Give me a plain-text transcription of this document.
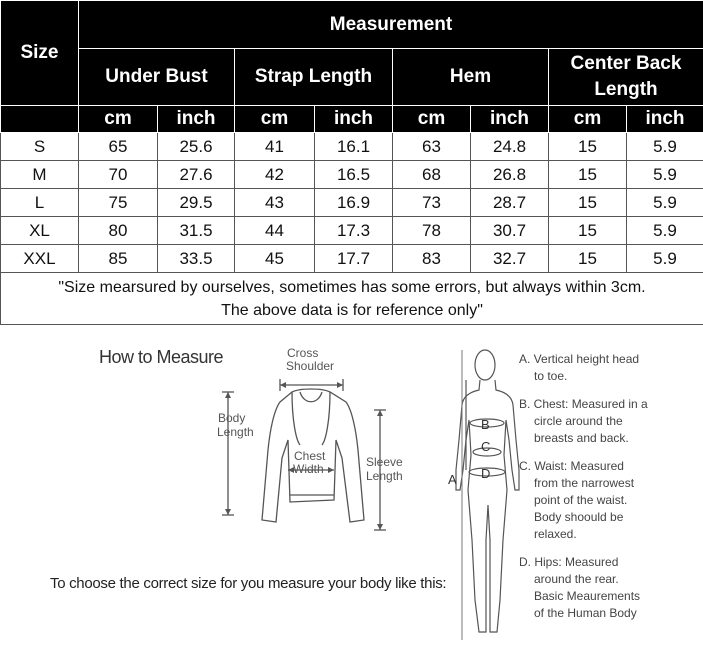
Size	Measurement							
	Under Bust		Strap Length		Hem		Center Back Length	
	cm	inch	cm	inch	cm	inch	cm	inch
S	65	25.6	41	16.1	63	24.8	15	5.9
M	70	27.6	42	16.5	68	26.8	15	5.9
L	75	29.5	43	16.9	73	28.7	15	5.9
XL	80	31.5	44	17.3	78	30.7	15	5.9
XXL	85	33.5	45	17.7	83	32.7	15	5.9

"Size mearsured by ourselves, sometimes has some errors, but always within 3cm.
The above data is for reference only"								
How to Measure
To choose the correct size for you measure your body like this:
Cross
Shoulder
Body
Length
Chest
Width	Sleeve
Length	A
B
C
D
A. Vertical height head
to toe.
B. Chest: Measured in a
circle around the
breasts and back.
C. Waist: Measured
from the narrowest
point of the waist.
Body shoould be
relaxed.
D. Hips: Measured
around the rear.
Basic Meaurements
of the Human Body
